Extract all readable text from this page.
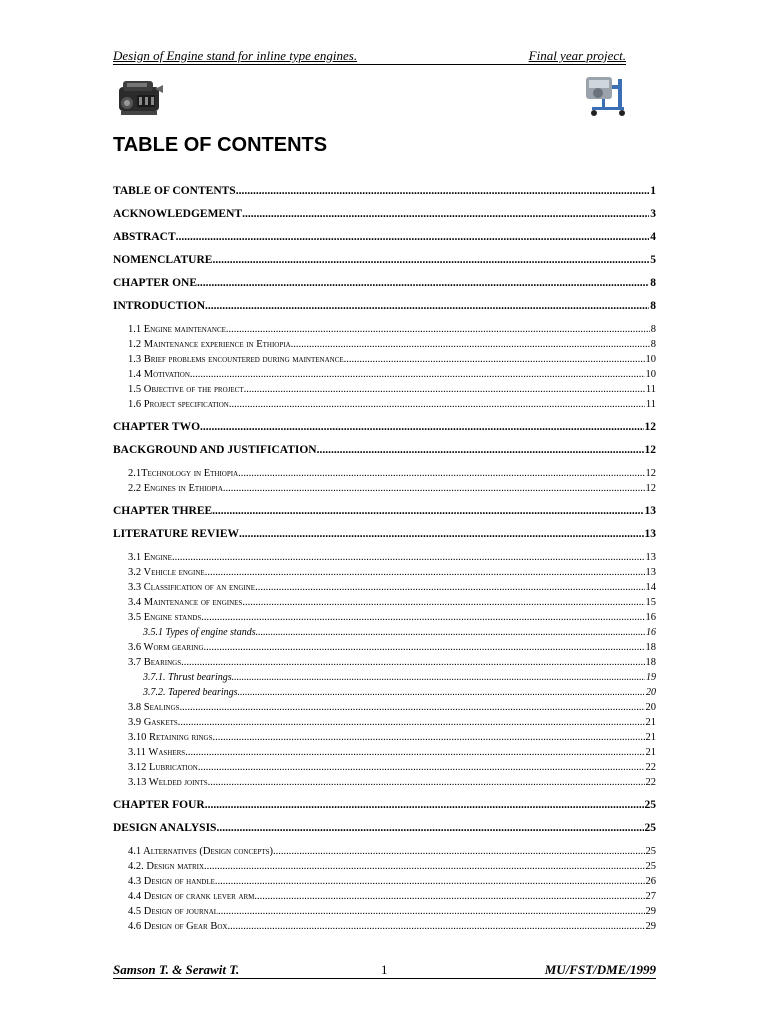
Design of Engine stand for inline type engines.	Final year project.
TABLE OF CONTENTS
TABLE OF CONTENTS .....	1
ACKNOWLEDGEMENT .....	3
ABSTRACT .....	4
NOMENCLATURE .....	5
CHAPTER ONE .....	8
INTRODUCTION .....	8
1.1 Engine maintenance .....	8
1.2 Maintenance experience in Ethiopia .....	8
1.3 Brief problems encountered during maintenance .....	10
1.4 Motivation .....	10
1.5 Objective of the project .....	11
1.6 Project specification .....	11
CHAPTER TWO .....	12
BACKGROUND AND JUSTIFICATION .....	12
2.1Technology in Ethiopia .....	12
2.2 Engines in Ethiopia .....	12
CHAPTER THREE .....	13
LITERATURE REVIEW .....	13
3.1 Engine .....	13
3.2 Vehicle engine .....	13
3.3 Classification of an engine .....	14
3.4 Maintenance of engines .....	15
3.5 Engine stands .....	16
3.5.1 Types of engine stands .....	16
3.6 Worm gearing .....	18
3.7 Bearings .....	18
3.7.1. Thrust bearings .....	19
3.7.2. Tapered bearings .....	20
3.8 Sealings .....	20
3.9 Gaskets .....	21
3.10 Retaining rings .....	21
3.11 Washers .....	21
3.12 Lubrication .....	22
3.13 Welded joints .....	22
CHAPTER FOUR .....	25
DESIGN ANALYSIS .....	25
4.1 Alternatives (Design concepts) .....	25
4.2. Design matrix .....	25
4.3 Design of handle .....	26
4.4 Design of crank lever arm .....	27
4.5 Design of journal .....	29
4.6 Design of Gear Box .....	29
Samson T. & Serawit T.	1	MU/FST/DME/1999
